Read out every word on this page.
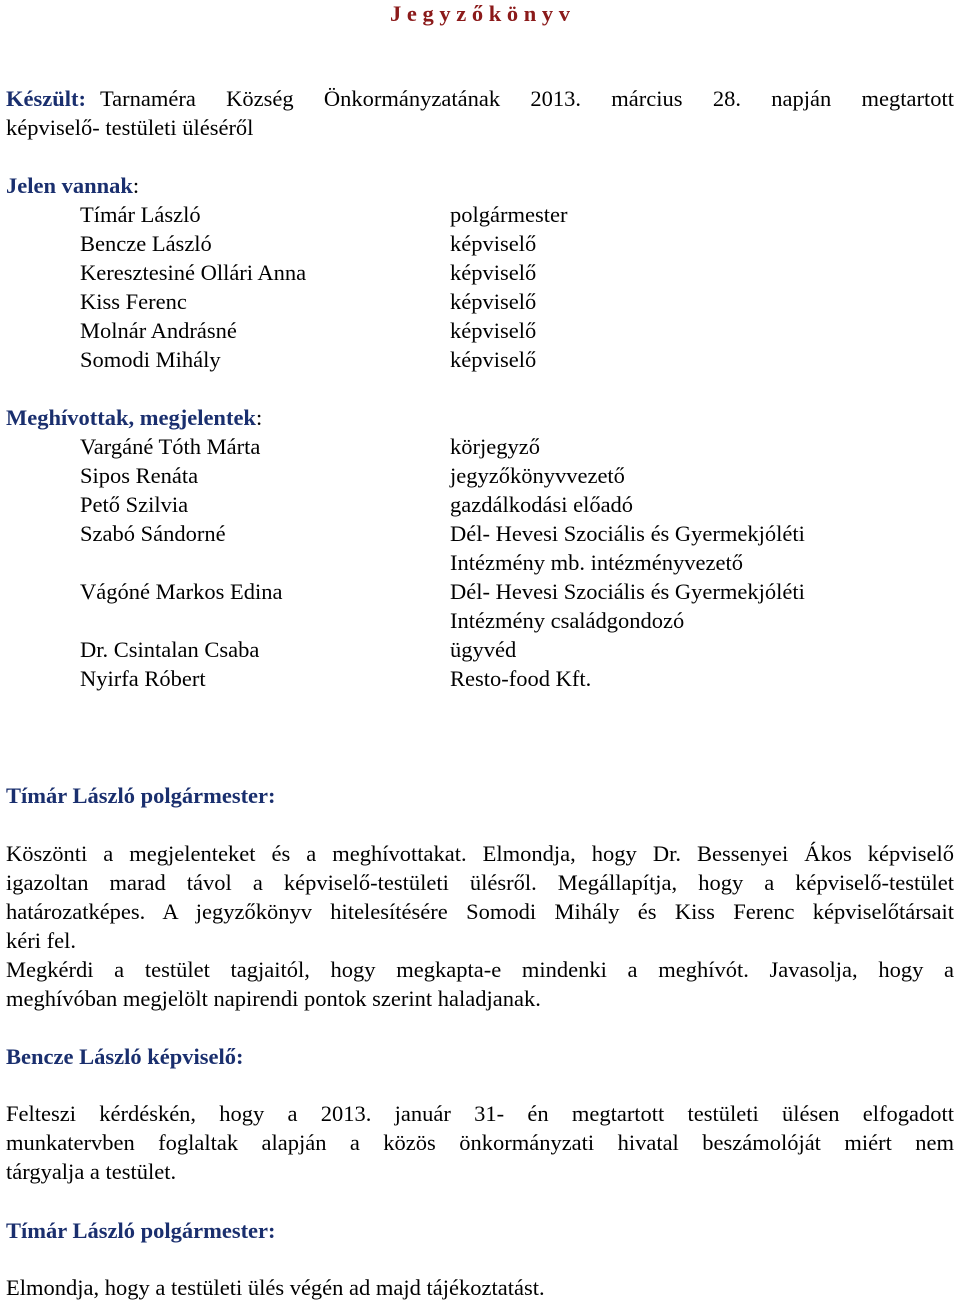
J e g y z ő k ö n y v
Készült: Tarnaméra Község Önkormányzatának 2013. március 28. napján megtartott
képviselő- testületi üléséről
Jelen vannak:
Tímár László	polgármester
Bencze László	képviselő
Keresztesiné Ollári Anna	képviselő
Kiss Ferenc	képviselő
Molnár Andrásné	képviselő
Somodi Mihály	képviselő
Meghívottak, megjelentek:
Vargáné Tóth Márta	körjegyző
Sipos Renáta	jegyzőkönyvvezető
Pető Szilvia	gazdálkodási előadó
Szabó Sándorné	Dél- Hevesi Szociális és Gyermekjóléti
Intézmény mb. intézményvezető
Vágóné Markos Edina	Dél- Hevesi Szociális és Gyermekjóléti
Intézmény családgondozó
Dr. Csintalan Csaba	ügyvéd
Nyirfa Róbert	Resto-food Kft.
Tímár László polgármester:
Köszönti a megjelenteket és a meghívottakat. Elmondja, hogy Dr. Bessenyei Ákos képviselő
igazoltan marad távol a képviselő-testületi ülésről. Megállapítja, hogy a képviselő-testület
határozatképes. A jegyzőkönyv hitelesítésére Somodi Mihály és Kiss Ferenc képviselőtársait
kéri fel.
Megkérdi a testület tagjaitól, hogy megkapta-e mindenki a meghívót. Javasolja, hogy a
meghívóban megjelölt napirendi pontok szerint haladjanak.
Bencze László képviselő:
Felteszi kérdéskén, hogy a 2013. január 31- én megtartott testületi ülésen elfogadott
munkatervben foglaltak alapján a közös önkormányzati hivatal beszámolóját miért nem
tárgyalja a testület.
Tímár László polgármester:
Elmondja, hogy a testületi ülés végén ad majd tájékoztatást.
